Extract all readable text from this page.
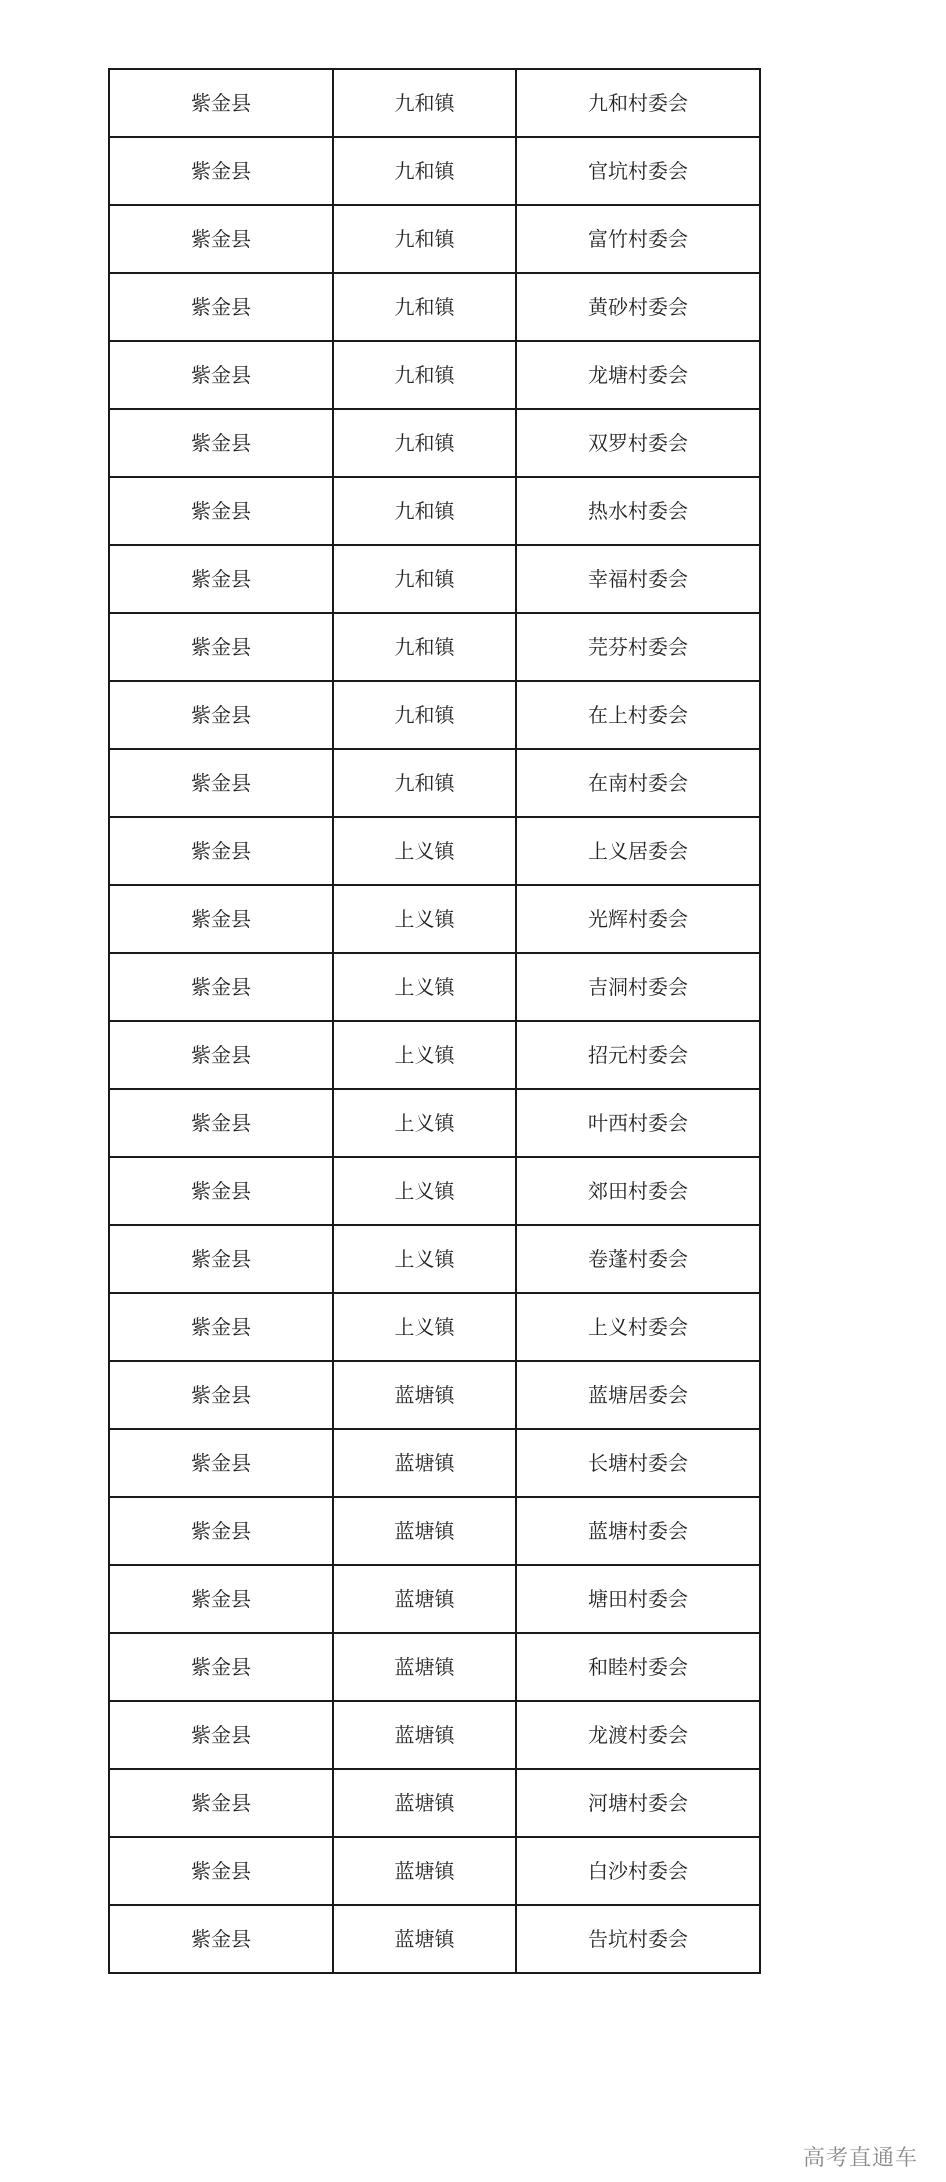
紫金县	九和镇	九和村委会
紫金县	九和镇	官坑村委会
紫金县	九和镇	富竹村委会
紫金县	九和镇	黄砂村委会
紫金县	九和镇	龙塘村委会
紫金县	九和镇	双罗村委会
紫金县	九和镇	热水村委会
紫金县	九和镇	幸福村委会
紫金县	九和镇	芫芬村委会
紫金县	九和镇	在上村委会
紫金县	九和镇	在南村委会
紫金县	上义镇	上义居委会
紫金县	上义镇	光辉村委会
紫金县	上义镇	吉洞村委会
紫金县	上义镇	招元村委会
紫金县	上义镇	叶西村委会
紫金县	上义镇	郊田村委会
紫金县	上义镇	卷蓬村委会
紫金县	上义镇	上义村委会
紫金县	蓝塘镇	蓝塘居委会
紫金县	蓝塘镇	长塘村委会
紫金县	蓝塘镇	蓝塘村委会
紫金县	蓝塘镇	塘田村委会
紫金县	蓝塘镇	和睦村委会
紫金县	蓝塘镇	龙渡村委会
紫金县	蓝塘镇	河塘村委会
紫金县	蓝塘镇	白沙村委会
紫金县	蓝塘镇	告坑村委会
高考直通车
